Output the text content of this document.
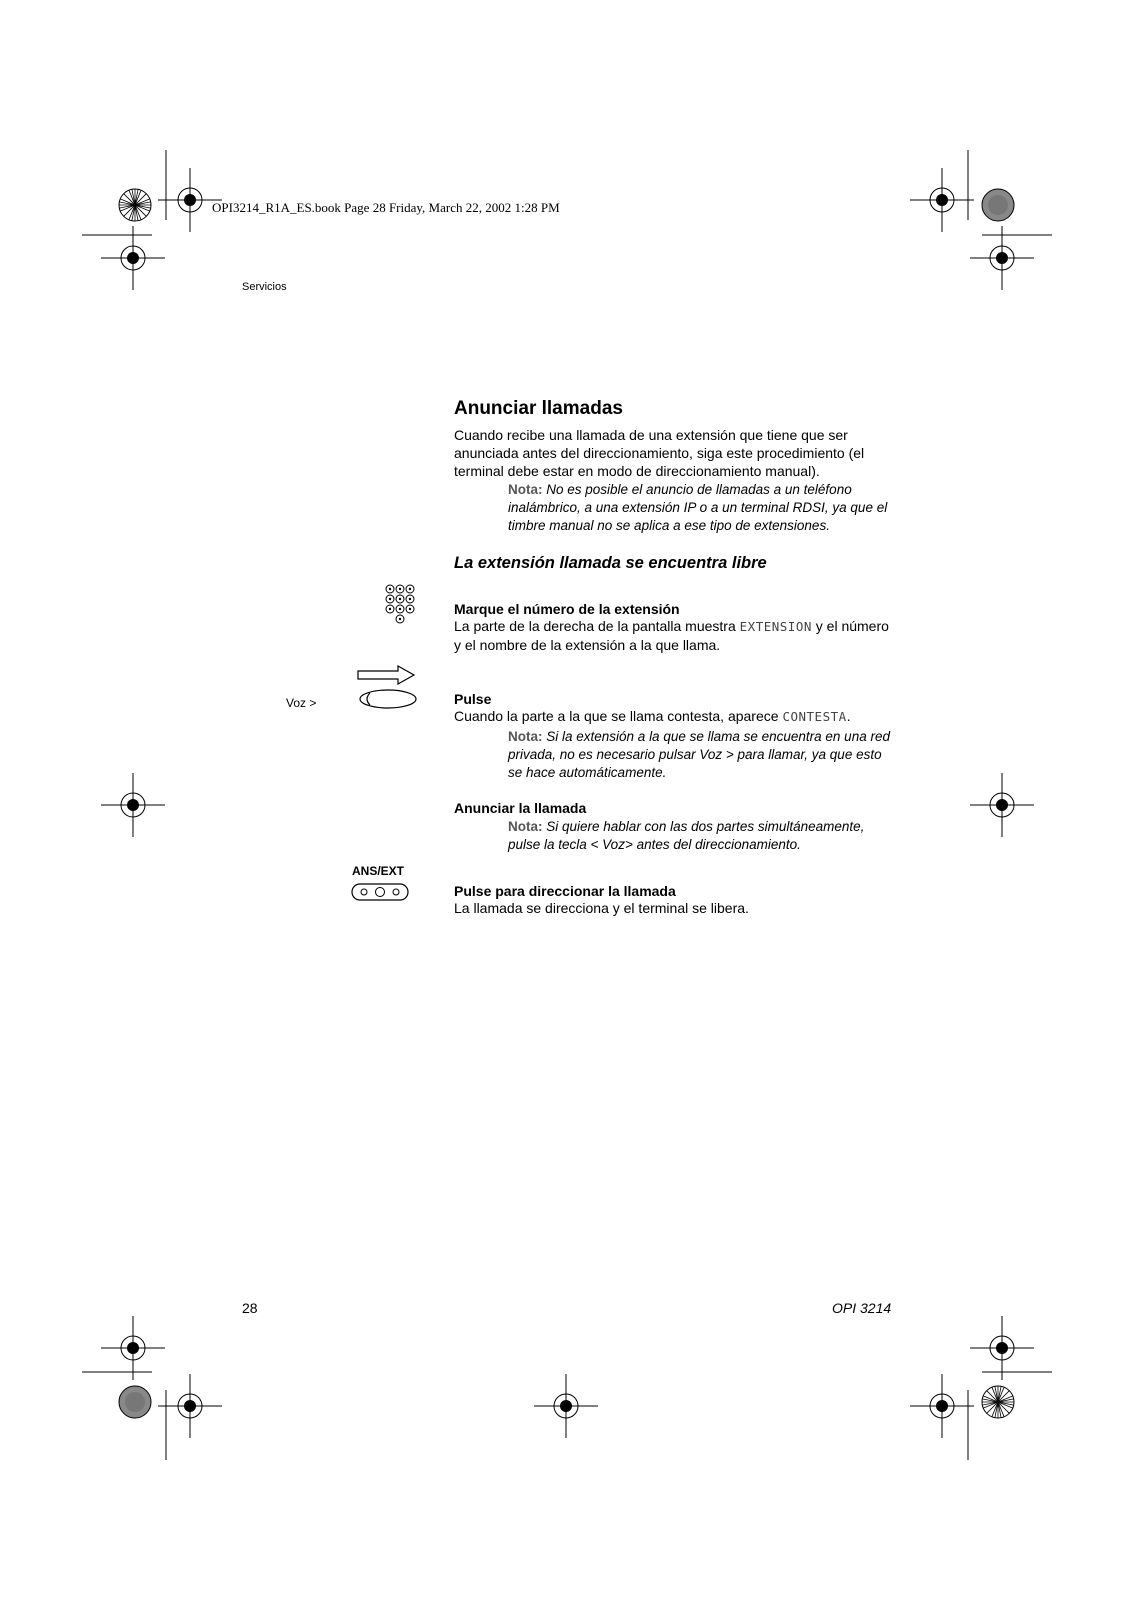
OPI3214_R1A_ES.book Page 28 Friday, March 22, 2002 1:28 PM
Servicios
Anunciar llamadas

Cuando recibe una llamada de una extensión que tiene que ser anunciada antes del direccionamiento, siga este procedimiento (el terminal debe estar en modo de direccionamiento manual).

Nota: No es posible el anuncio de llamadas a un teléfono inalámbrico, a una extensión IP o a un terminal RDSI, ya que el timbre manual no se aplica a ese tipo de extensiones.
La extensión llamada se encuentra libre
Marque el número de la extensión

La parte de la derecha de la pantalla muestra EXTENSION y el número y el nombre de la extensión a la que llama.

Voz >	Pulse

Cuando la parte a la que se llama contesta, aparece CONTESTA.

Nota: Si la extensión a la que se llama se encuentra en una red privada, no es necesario pulsar Voz > para llamar, ya que esto se hace automáticamente.
Anunciar la llamada
Nota: Si quiere hablar con las dos partes simultáneamente, pulse la tecla < Voz> antes del direccionamiento.
ANS/EXT
Pulse para direccionar la llamada

La llamada se direcciona y el terminal se libera.

28	OPI 3214
